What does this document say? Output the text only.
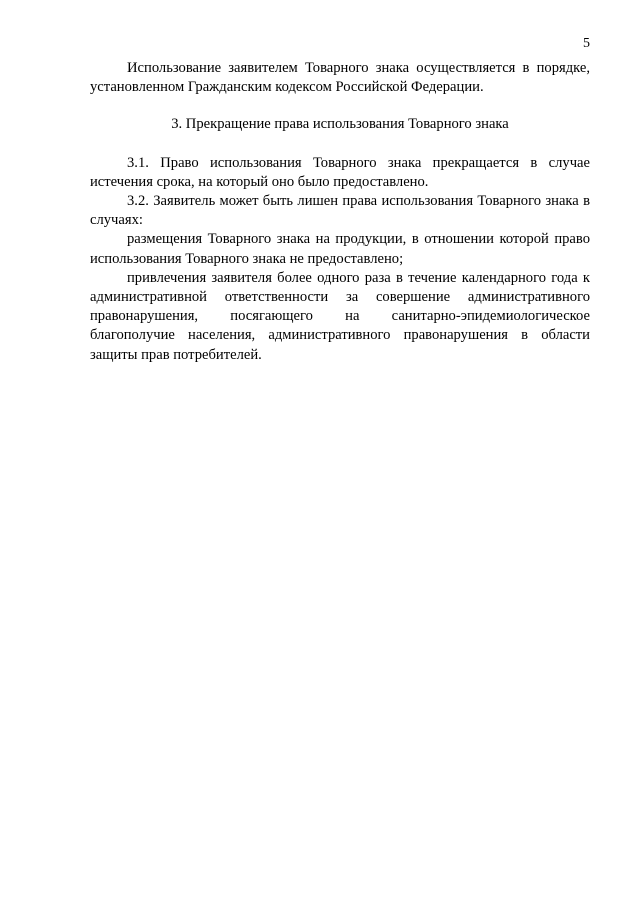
5

Использование заявителем Товарного знака осуществляется в порядке, установленном Гражданским кодексом Российской Федерации.

3. Прекращение права использования Товарного знака

3.1. Право использования Товарного знака прекращается в случае истечения срока, на который оно было предоставлено.

3.2. Заявитель может быть лишен права использования Товарного знака в случаях:

размещения Товарного знака на продукции, в отношении которой право использования Товарного знака не предоставлено;

привлечения заявителя более одного раза в течение календарного года к административной ответственности за совершение административного правонарушения, посягающего на санитарно-эпидемиологическое благополучие населения, административного правонарушения в области защиты прав потребителей.
